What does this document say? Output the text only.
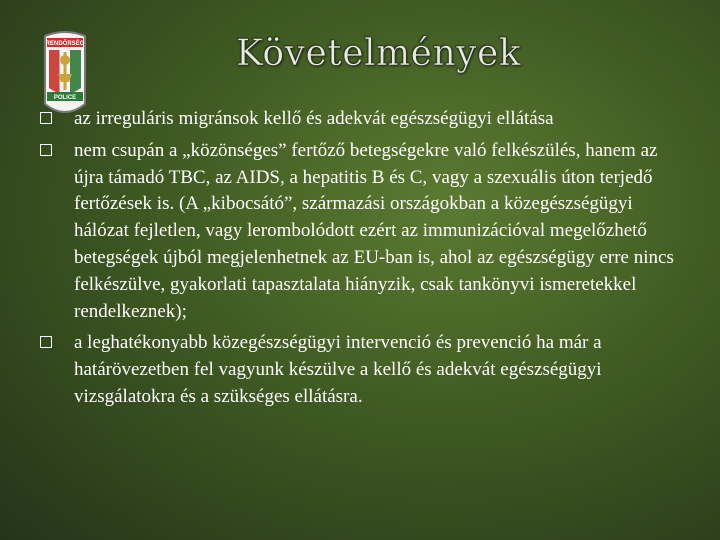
RENDŐRSÉG
POLICE
Követelmények
az irreguláris migránsok kellő és adekvát egészségügyi ellátása
nem csupán a „közönséges” fertőző betegségekre való felkészülés, hanem az újra támadó TBC, az AIDS, a hepatitis B és C, vagy a szexuális úton terjedő fertőzések is. (A „kibocsátó”, származási országokban a közegészségügyi hálózat fejletlen, vagy lerombolódott ezért az immunizációval megelőzhető betegségek újból megjelenhetnek az EU-ban is, ahol az egészségügy erre nincs felkészülve, gyakorlati tapasztalata hiányzik, csak tankönyvi ismeretekkel rendelkeznek);
a leghatékonyabb közegészségügyi intervenció és prevenció ha már a határövezetben fel vagyunk készülve a kellő és adekvát egészségügyi vizsgálatokra és a szükséges ellátásra.
